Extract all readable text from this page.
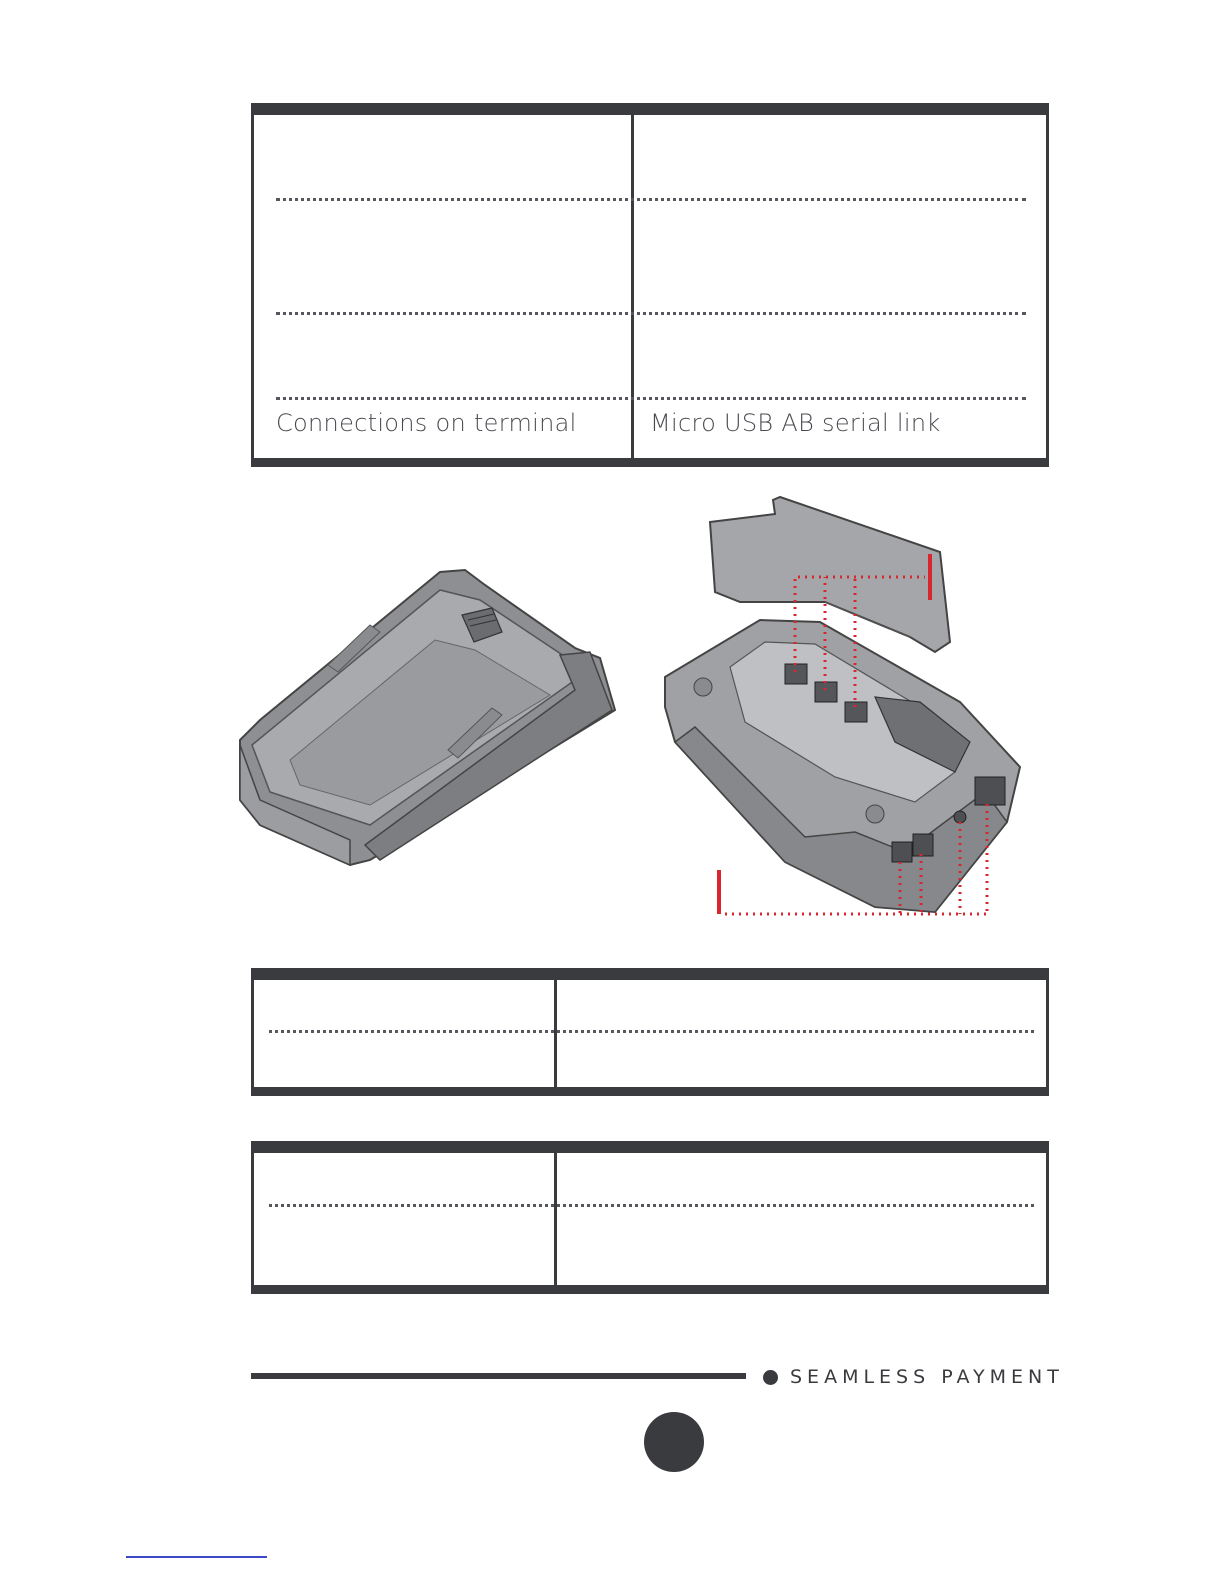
Connections on terminal	Micro USB AB serial link
SEAMLESS PAYMENT
